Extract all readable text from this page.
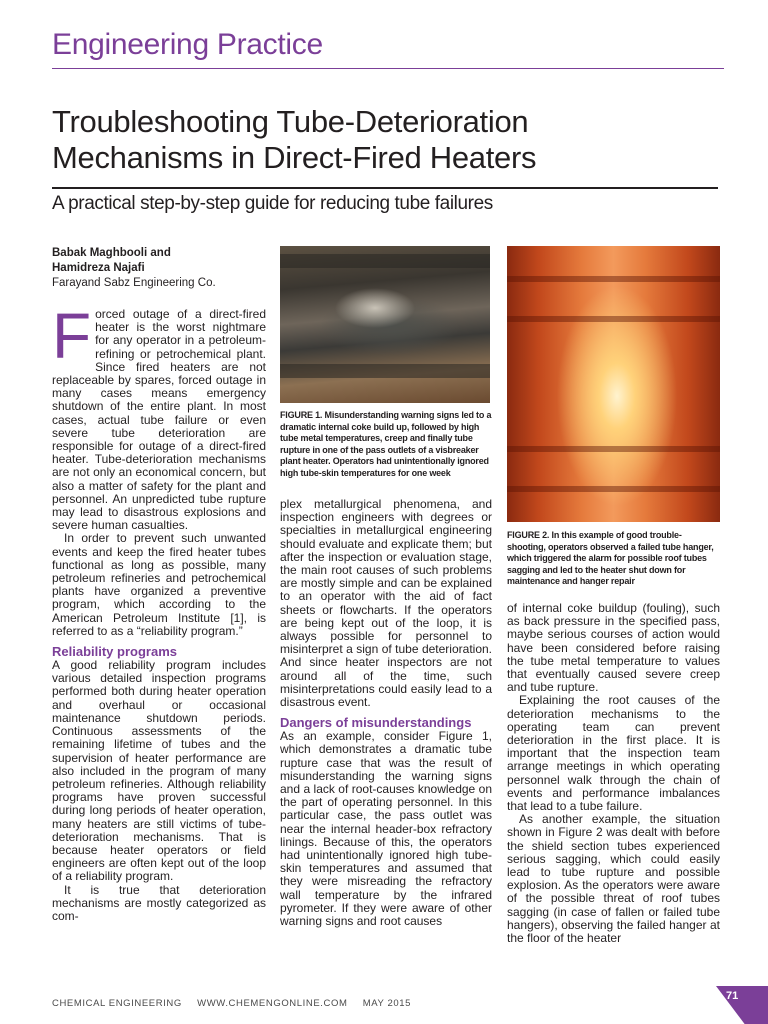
Engineering Practice
Troubleshooting Tube-Deterioration
Mechanisms in Direct-Fired Heaters
A practical step-by-step guide for reducing tube failures
Babak Maghbooli and
Hamidreza Najafi
Farayand Sabz Engineering Co.

Forced outage of a direct-fired heater is the worst nightmare for any operator in a petroleum-refining or petrochemical plant. Since fired heaters are not replaceable by spares, forced outage in many cases means emergency shutdown of the entire plant. In most cases, actual tube failure or even severe tube deterioration are responsible for outage of a direct-fired heater. Tube-deterioration mechanisms are not only an economical concern, but also a matter of safety for the plant and personnel. An unpredicted tube rupture may lead to disastrous explosions and severe human casualties.

In order to prevent such unwanted events and keep the fired heater tubes functional as long as possible, many petroleum refineries and petrochemical plants have organized a preventive program, which according to the American Petroleum Institute [1], is referred to as a “reliability program.”

Reliability programs

A good reliability program includes various detailed inspection programs performed both during heater operation and overhaul or occasional maintenance shutdown periods. Continuous assessments of the remaining lifetime of tubes and the supervision of heater performance are also included in the program of many petroleum refineries. Although reliability programs have proven successful during long periods of heater operation, many heaters are still victims of tube-deterioration mechanisms. That is because heater operators or field engineers are often kept out of the loop of a reliability program.

It is true that deterioration mechanisms are mostly categorized as com-

FIGURE 1. Misunderstanding warning signs led to a dramatic internal coke build up, followed by high tube metal temperatures, creep and finally tube rupture in one of the pass outlets of a visbreaker plant heater. Operators had unintentionally ignored high tube-skin temperatures for one week

plex metallurgical phenomena, and inspection engineers with degrees or specialties in metallurgical engineering should evaluate and explicate them; but after the inspection or evaluation stage, the main root causes of such problems are mostly simple and can be explained to an operator with the aid of fact sheets or flowcharts. If the operators are being kept out of the loop, it is always possible for personnel to misinterpret a sign of tube deterioration. And since heater inspectors are not around all of the time, such misinterpretations could easily lead to a disastrous event.

Dangers of misunderstandings

As an example, consider Figure 1, which demonstrates a dramatic tube rupture case that was the result of misunderstanding the warning signs and a lack of root-causes knowledge on the part of operating personnel. In this particular case, the pass outlet was near the internal header-box refractory linings. Because of this, the operators had unintentionally ignored high tube-skin temperatures and assumed that they were misreading the refractory wall temperature by the infrared pyrometer. If they were aware of other warning signs and root causes

FIGURE 2. In this example of good trouble-shooting, operators observed a failed tube hanger, which triggered the alarm for possible roof tubes sagging and led to the heater shut down for maintenance and hanger repair

of internal coke buildup (fouling), such as back pressure in the specified pass, maybe serious courses of action would have been considered before raising the tube metal temperature to values that eventually caused severe creep and tube rupture.

Explaining the root causes of the deterioration mechanisms to the operating team can prevent deterioration in the first place. It is important that the inspection team arrange meetings in which operating personnel walk through the chain of events and performance imbalances that lead to a tube failure.

As another example, the situation shown in Figure 2 was dealt with before the shield section tubes experienced serious sagging, which could easily lead to tube rupture and possible explosion. As the operators were aware of the possible threat of roof tubes sagging (in case of fallen or failed tube hangers), observing the failed hanger at the floor of the heater

CHEMICAL ENGINEERING WWW.CHEMENGONLINE.COM MAY 2015
71
